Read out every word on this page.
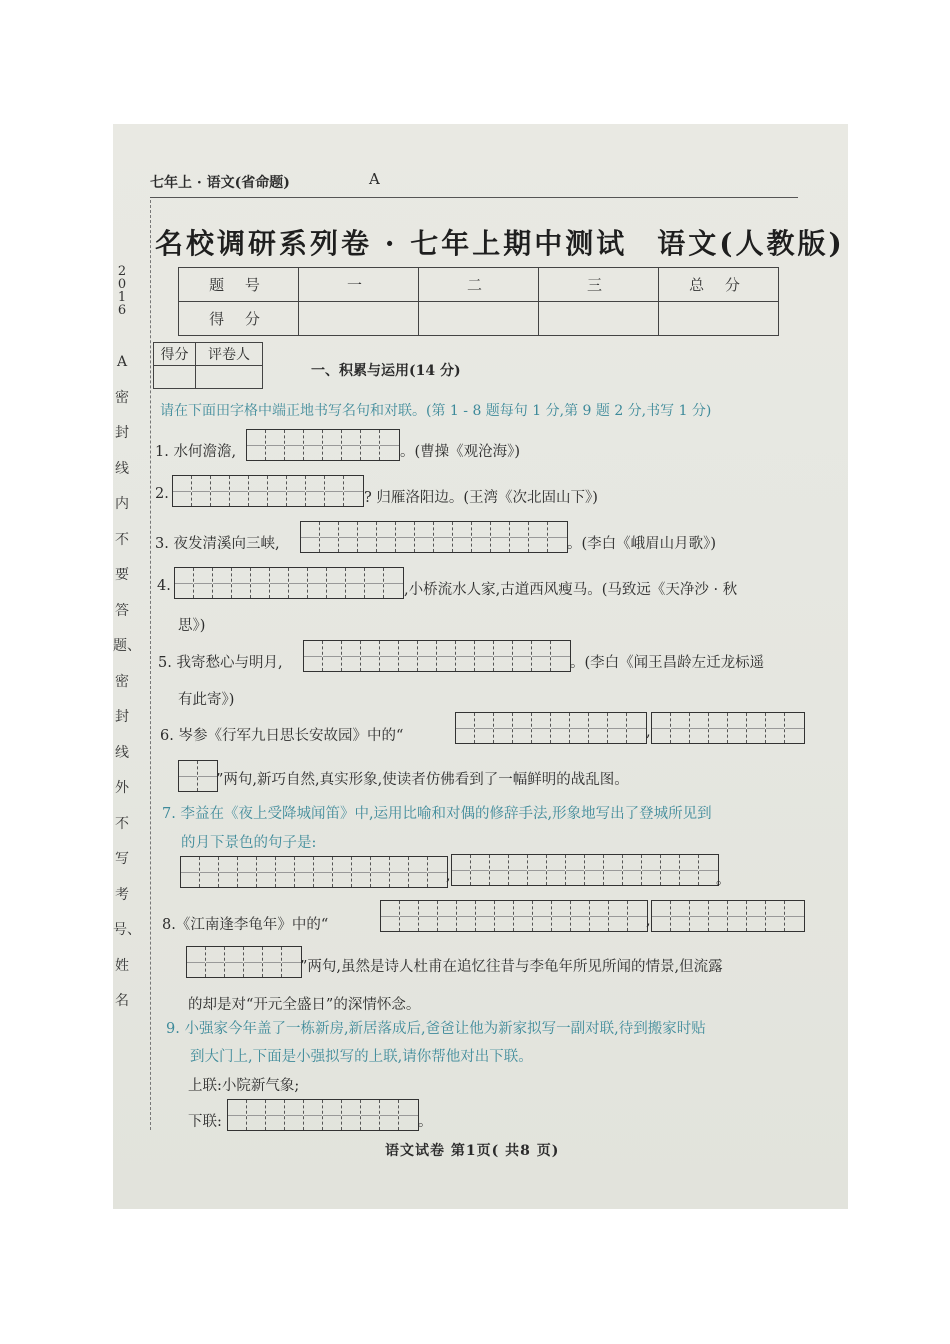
七年上 · 语文(省命题)	A
2016
A密封线内不要答题、密封线外不写考号、姓名
名校调研系列卷 · 七年上期中测试 语文(人教版)
题 号	一	二	三	总 分
得 分				
得分	评卷人

一、积累与运用(14 分)
请在下面田字格中端正地书写名句和对联。(第 1 - 8 题每句 1 分,第 9 题 2 分,书写 1 分)
1. 水何澹澹,	。(曹操《观沧海》)
2.	? 归雁洛阳边。(王湾《次北固山下》)
3. 夜发清溪向三峡,	。(李白《峨眉山月歌》)
4.	,小桥流水人家,古道西风瘦马。(马致远《天净沙 · 秋
思》)
5. 我寄愁心与明月,	。(李白《闻王昌龄左迁龙标遥
有此寄》)
6. 岑参《行军九日思长安故园》中的“	,
”两句,新巧自然,真实形象,使读者仿佛看到了一幅鲜明的战乱图。
7. 李益在《夜上受降城闻笛》中,运用比喻和对偶的修辞手法,形象地写出了登城所见到
的月下景色的句子是:
,	。
8.《江南逢李龟年》中的“	,
”两句,虽然是诗人杜甫在追忆往昔与李龟年所见所闻的情景,但流露
的却是对“开元全盛日”的深情怀念。
9. 小强家今年盖了一栋新房,新居落成后,爸爸让他为新家拟写一副对联,待到搬家时贴
到大门上,下面是小强拟写的上联,请你帮他对出下联。
上联:小院新气象;
下联:	。
语文试卷 第1页( 共8 页)
